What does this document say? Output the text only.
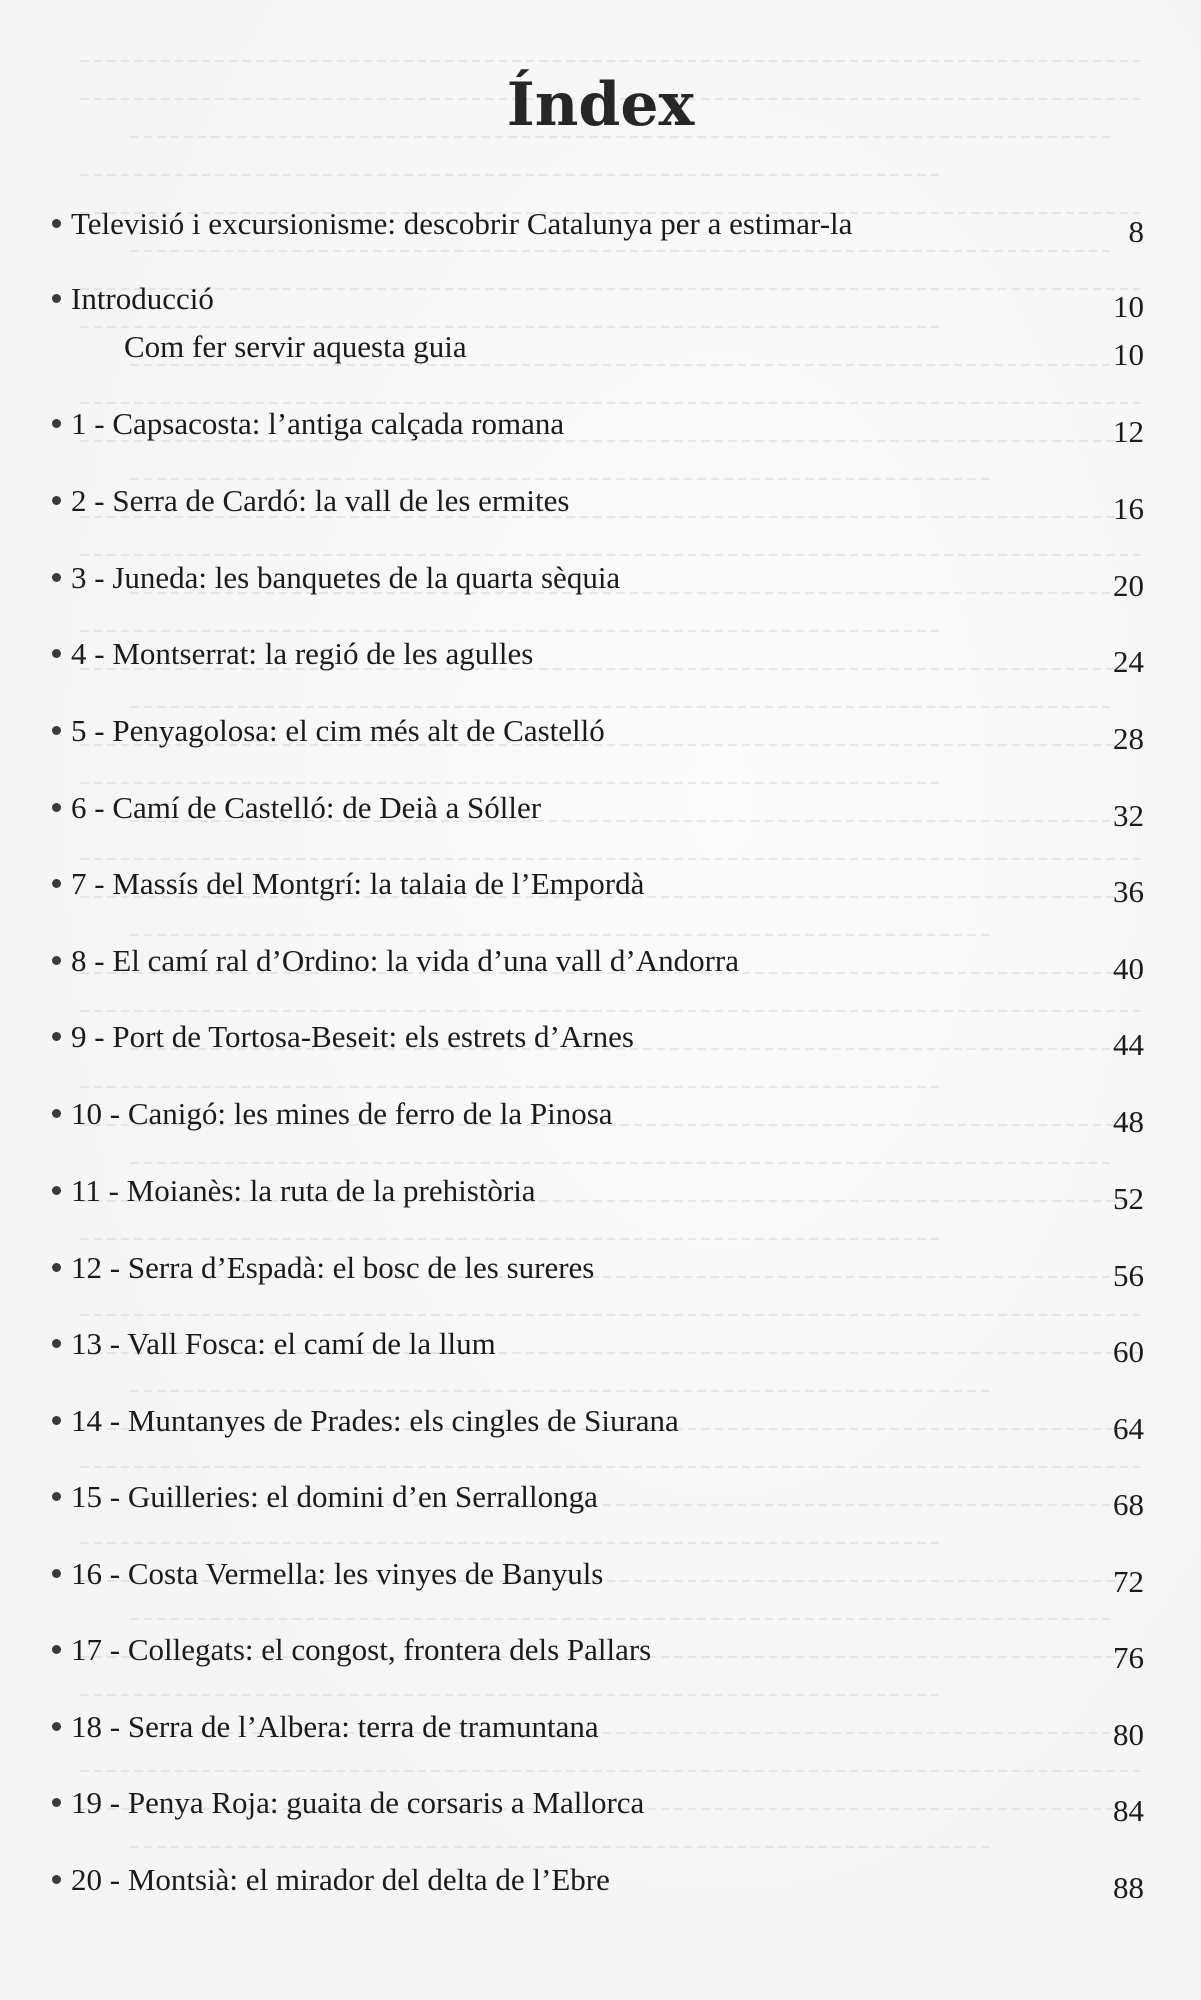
Índex
Televisió i excursionisme: descobrir Catalunya per a estimar-la	8
Introducció	10
Com fer servir aquesta guia	10
1 - Capsacosta: l’antiga calçada romana	12
2 - Serra de Cardó: la vall de les ermites	16
3 - Juneda: les banquetes de la quarta sèquia	20
4 - Montserrat: la regió de les agulles	24
5 - Penyagolosa: el cim més alt de Castelló	28
6 - Camí de Castelló: de Deià a Sóller	32
7 - Massís del Montgrí: la talaia de l’Empordà	36
8 - El camí ral d’Ordino: la vida d’una vall d’Andorra	40
9 - Port de Tortosa-Beseit: els estrets d’Arnes	44
10 - Canigó: les mines de ferro de la Pinosa	48
11 - Moianès: la ruta de la prehistòria	52
12 - Serra d’Espadà: el bosc de les sureres	56
13 - Vall Fosca: el camí de la llum	60
14 - Muntanyes de Prades: els cingles de Siurana	64
15 - Guilleries: el domini d’en Serrallonga	68
16 - Costa Vermella: les vinyes de Banyuls	72
17 - Collegats: el congost, frontera dels Pallars	76
18 - Serra de l’Albera: terra de tramuntana	80
19 - Penya Roja: guaita de corsaris a Mallorca	84
20 - Montsià: el mirador del delta de l’Ebre	88
